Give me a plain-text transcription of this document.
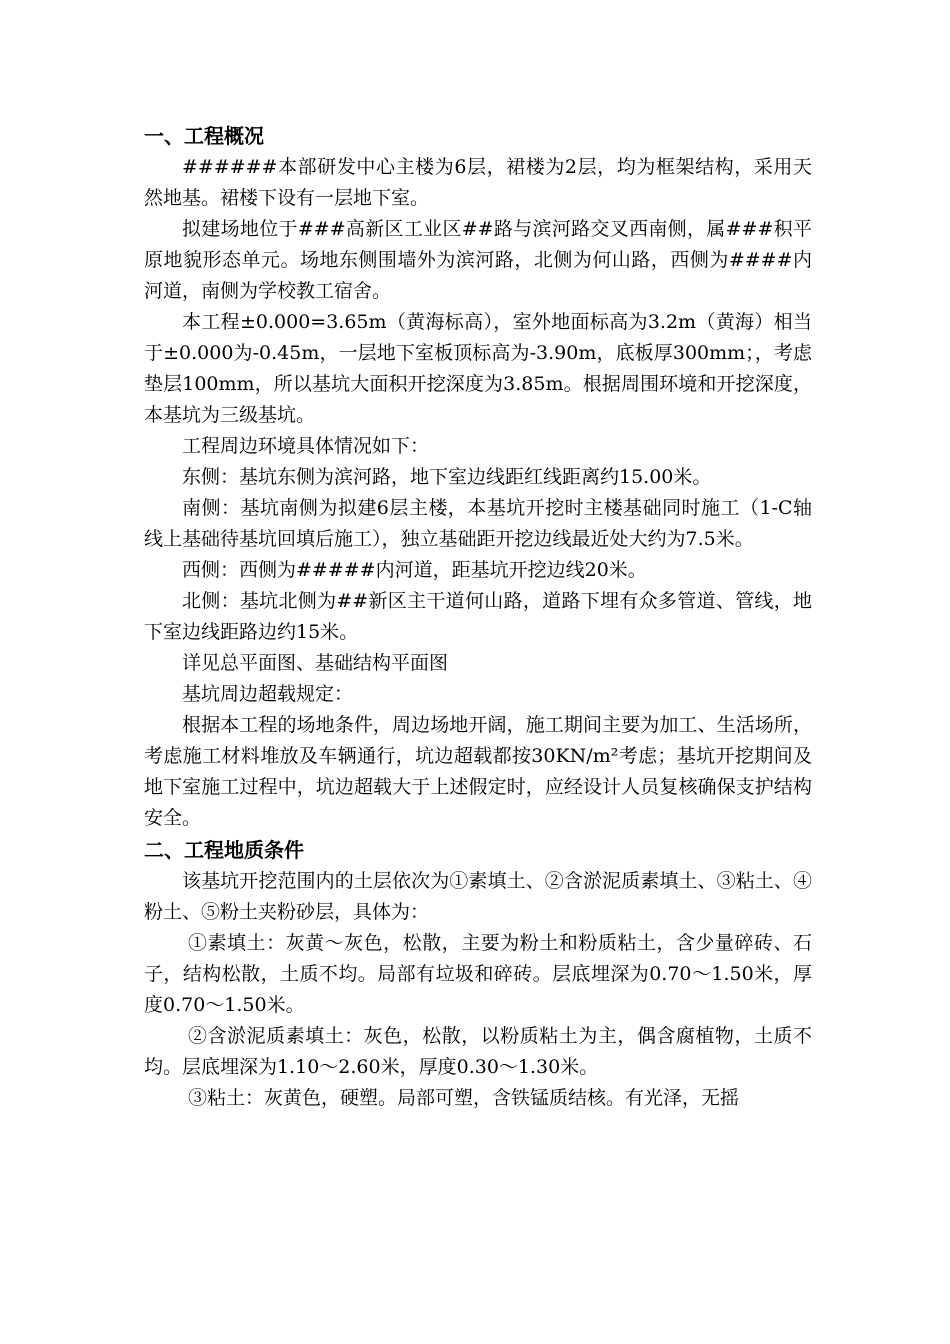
一、工程概况

######本部研发中心主楼为6层，裙楼为2层，均为框架结构，采用天然地基。裙楼下设有一层地下室。

拟建场地位于###高新区工业区##路与滨河路交叉西南侧，属###积平原地貌形态单元。场地东侧围墙外为滨河路，北侧为何山路，西侧为####内河道，南侧为学校教工宿舍。

本工程±0.000=3.65m（黄海标高），室外地面标高为3.2m（黄海）相当于±0.000为-0.45m，一层地下室板顶标高为-3.90m，底板厚300mm；，考虑垫层100mm，所以基坑大面积开挖深度为3.85m。根据周围环境和开挖深度，本基坑为三级基坑。

工程周边环境具体情况如下：

东侧：基坑东侧为滨河路，地下室边线距红线距离约15.00米。

南侧：基坑南侧为拟建6层主楼，本基坑开挖时主楼基础同时施工（1-C轴线上基础待基坑回填后施工），独立基础距开挖边线最近处大约为7.5米。

西侧：西侧为#####内河道，距基坑开挖边线20米。

北侧：基坑北侧为##新区主干道何山路，道路下埋有众多管道、管线，地下室边线距路边约15米。

详见总平面图、基础结构平面图

基坑周边超载规定：

根据本工程的场地条件，周边场地开阔，施工期间主要为加工、生活场所，考虑施工材料堆放及车辆通行，坑边超载都按30KN/m²考虑；基坑开挖期间及地下室施工过程中，坑边超载大于上述假定时，应经设计人员复核确保支护结构安全。

二、工程地质条件

该基坑开挖范围内的土层依次为①素填土、②含淤泥质素填土、③粘土、④粉土、⑤粉土夹粉砂层，具体为：

①素填土：灰黄～灰色，松散，主要为粉土和粉质粘土，含少量碎砖、石子，结构松散，土质不均。局部有垃圾和碎砖。层底埋深为0.70～1.50米，厚度0.70～1.50米。

②含淤泥质素填土：灰色，松散，以粉质粘土为主，偶含腐植物，土质不均。层底埋深为1.10～2.60米，厚度0.30～1.30米。

③粘土：灰黄色，硬塑。局部可塑，含铁锰质结核。有光泽，无摇
